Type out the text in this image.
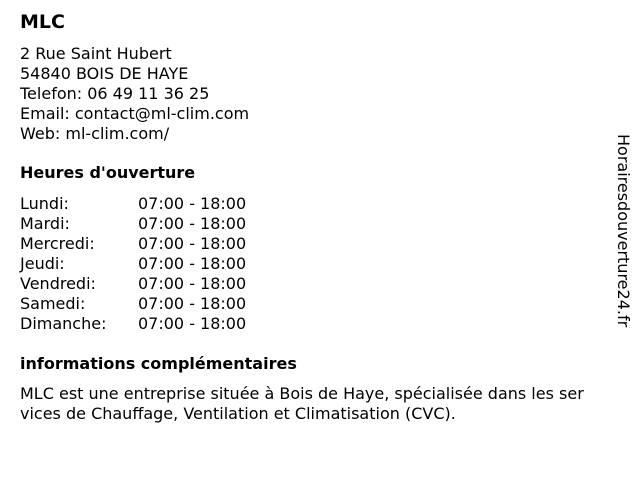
MLC
2 Rue Saint Hubert
54840 BOIS DE HAYE
Telefon: 06 49 11 36 25
Email: contact@ml-clim.com
Web: ml-clim.com/
Heures d'ouverture
Lundi:	07:00 - 18:00
Mardi:	07:00 - 18:00
Mercredi:	07:00 - 18:00
Jeudi:	07:00 - 18:00
Vendredi:	07:00 - 18:00
Samedi:	07:00 - 18:00
Dimanche: 07:00 - 18:00
informations complémentaires
MLC est une entreprise située à Bois de Haye, spécialisée dans les ser
vices de Chauffage, Ventilation et Climatisation (CVC).
Horairesdouverture24.fr
